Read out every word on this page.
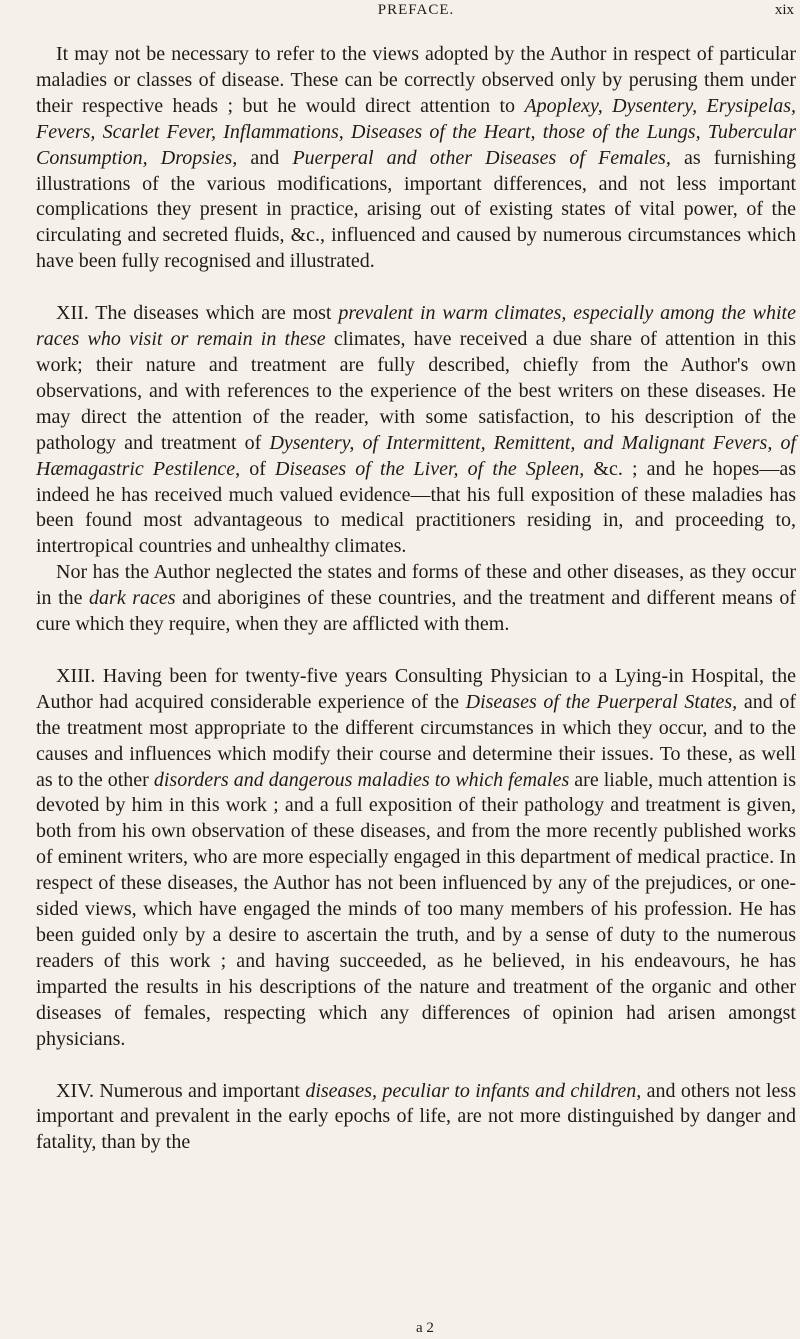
PREFACE.	xix

It may not be necessary to refer to the views adopted by the Author in respect of particular maladies or classes of disease. These can be correctly observed only by perusing them under their respective heads ; but he would direct attention to Apoplexy, Dysentery, Erysipelas, Fevers, Scarlet Fever, Inflammations, Diseases of the Heart, those of the Lungs, Tubercular Consumption, Dropsies, and Puerperal and other Diseases of Females, as furnishing illustrations of the various modifications, important differences, and not less important complications they present in practice, arising out of existing states of vital power, of the circulating and secreted fluids, &c., influenced and caused by numerous circumstances which have been fully recognised and illustrated.

XII. The diseases which are most prevalent in warm climates, especially among the white races who visit or remain in these climates, have received a due share of attention in this work; their nature and treatment are fully described, chiefly from the Author's own observations, and with references to the experience of the best writers on these diseases. He may direct the attention of the reader, with some satisfaction, to his description of the pathology and treatment of Dysentery, of Intermittent, Remittent, and Malignant Fevers, of Hæmagastric Pestilence, of Diseases of the Liver, of the Spleen, &c. ; and he hopes—as indeed he has received much valued evidence—that his full exposition of these maladies has been found most advantageous to medical practitioners residing in, and proceeding to, intertropical countries and unhealthy climates.

Nor has the Author neglected the states and forms of these and other diseases, as they occur in the dark races and aborigines of these countries, and the treatment and different means of cure which they require, when they are afflicted with them.

XIII. Having been for twenty-five years Consulting Physician to a Lying-in Hospital, the Author had acquired considerable experience of the Diseases of the Puerperal States, and of the treatment most appropriate to the different circumstances in which they occur, and to the causes and influences which modify their course and determine their issues. To these, as well as to the other disorders and dangerous maladies to which females are liable, much attention is devoted by him in this work ; and a full exposition of their pathology and treatment is given, both from his own observation of these diseases, and from the more recently published works of eminent writers, who are more especially engaged in this department of medical practice. In respect of these diseases, the Author has not been influenced by any of the prejudices, or one-sided views, which have engaged the minds of too many members of his profession. He has been guided only by a desire to ascertain the truth, and by a sense of duty to the numerous readers of this work ; and having succeeded, as he believed, in his endeavours, he has imparted the results in his descriptions of the nature and treatment of the organic and other diseases of females, respecting which any differences of opinion had arisen amongst physicians.

XIV. Numerous and important diseases, peculiar to infants and children, and others not less important and prevalent in the early epochs of life, are not more distinguished by danger and fatality, than by the

a 2
